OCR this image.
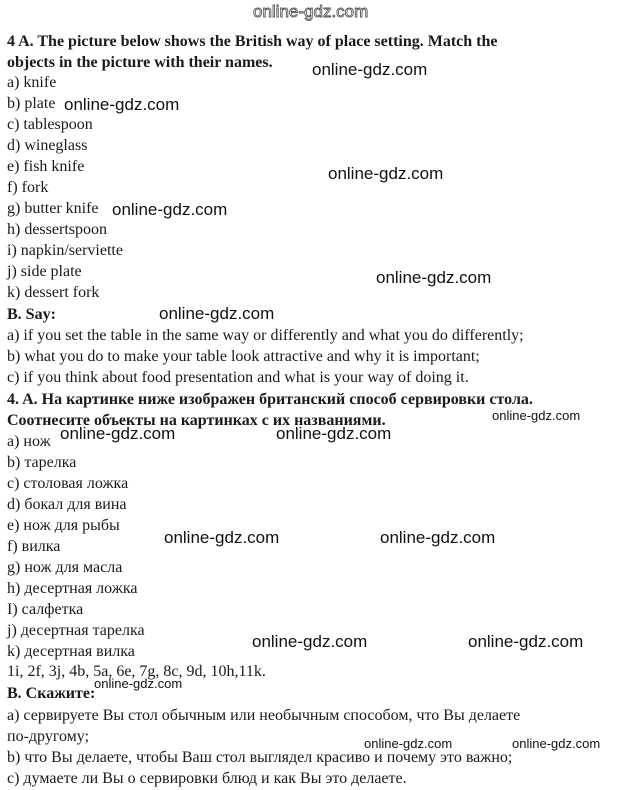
online-gdz.com
4 A. The picture below shows the British way of place setting. Match the
objects in the picture with their names.
a) knife
b) plate
c) tablespoon
d) wineglass
e) fish knife
f) fork
g) butter knife
h) dessertspoon
i) napkin/serviette
j) side plate
k) dessert fork
B. Say:
a) if you set the table in the same way or differently and what you do differently;
b) what you do to make your table look attractive and why it is important;
c) if you think about food presentation and what is your way of doing it.
4. A. На картинке ниже изображен британский способ сервировки стола.
Соотнесите объекты на картинках с их названиями.
a) нож
b) тарелка
c) столовая ложка
d) бокал для вина
e) нож для рыбы
f) вилка
g) нож для масла
h) десертная ложка
I) салфетка
j) десертная тарелка
k) десертная вилка
1i, 2f, 3j, 4b, 5a, 6e, 7g, 8c, 9d, 10h,11k.
В. Скажите:
а) сервируете Вы стол обычным или необычным способом, что Вы делаете
по-другому;
b) что Вы делаете, чтобы Ваш стол выглядел красиво и почему это важно;
c) думаете ли Вы о сервировки блюд и как Вы это делаете.
online-gdz.com
online-gdz.com
online-gdz.com
online-gdz.com
online-gdz.com
online-gdz.com
online-gdz.com
online-gdz.com	online-gdz.com
online-gdz.com	online-gdz.com
online-gdz.com	online-gdz.com
online-gdz.com
online-gdz.com	online-gdz.com
